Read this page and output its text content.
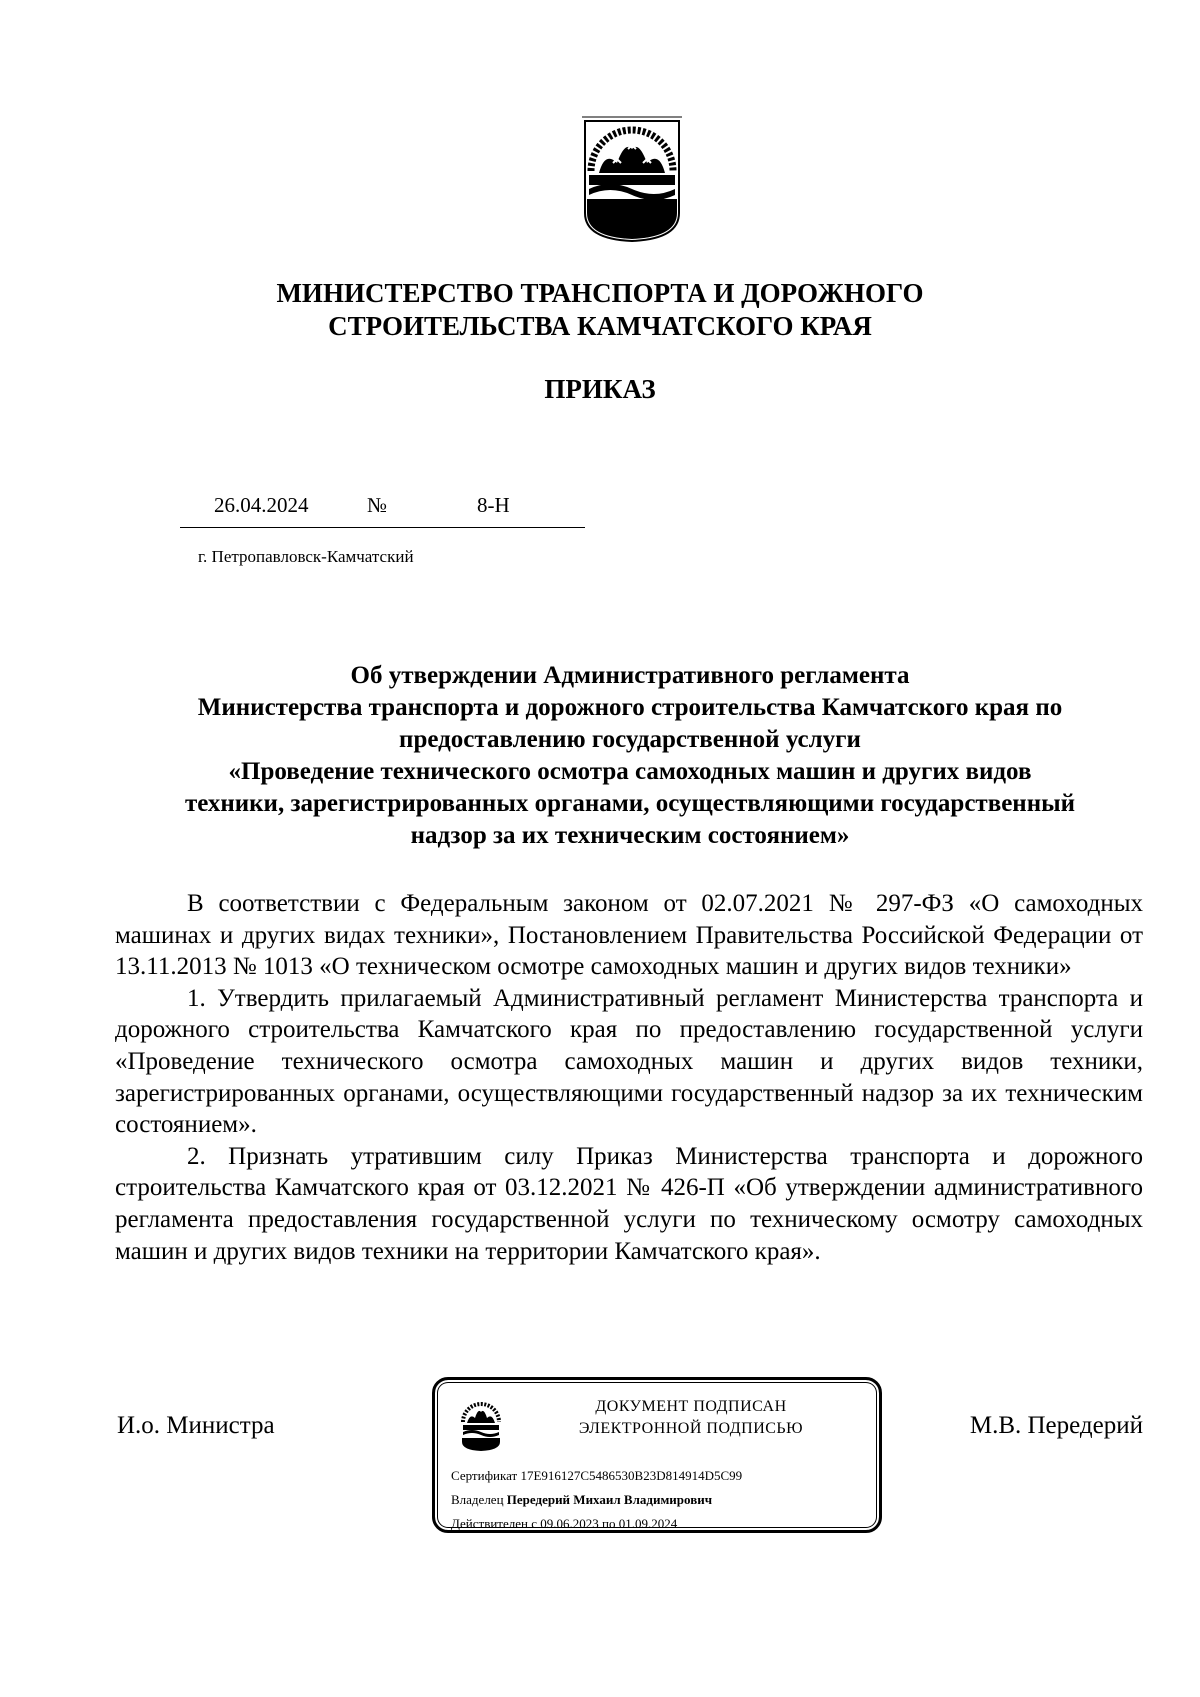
МИНИСТЕРСТВО ТРАНСПОРТА И ДОРОЖНОГО
СТРОИТЕЛЬСТВА КАМЧАТСКОГО КРАЯ
ПРИКАЗ
26.04.2024	№	8-Н
г. Петропавловск-Камчатский
Об утверждении Административного регламента
Министерства транспорта и дорожного строительства Камчатского края по
предоставлению государственной услуги
«Проведение технического осмотра самоходных машин и других видов
техники, зарегистрированных органами, осуществляющими государственный
надзор за их техническим состоянием»

В соответствии с Федеральным законом от 02.07.2021 № 297-ФЗ «О самоходных машинах и других видах техники», Постановлением Правительства Российской Федерации от 13.11.2013 № 1013 «О техническом осмотре самоходных машин и других видов техники»

1. Утвердить прилагаемый Административный регламент Министерства транспорта и дорожного строительства Камчатского края по предоставлению государственной услуги «Проведение технического осмотра самоходных машин и других видов техники, зарегистрированных органами, осуществляющими государственный надзор за их техническим состоянием».

2. Признать утратившим силу Приказ Министерства транспорта и дорожного строительства Камчатского края от 03.12.2021 № 426-П «Об утверждении административного регламента предоставления государственной услуги по техническому осмотру самоходных машин и других видов техники на территории Камчатского края».

И.о. Министра
ДОКУМЕНТ ПОДПИСАН
ЭЛЕКТРОННОЙ ПОДПИСЬЮ
Сертификат 17E916127C5486530B23D814914D5C99
Владелец Передерий Михаил Владимирович
Действителен с 09.06.2023 по 01.09.2024
М.В. Передерий
